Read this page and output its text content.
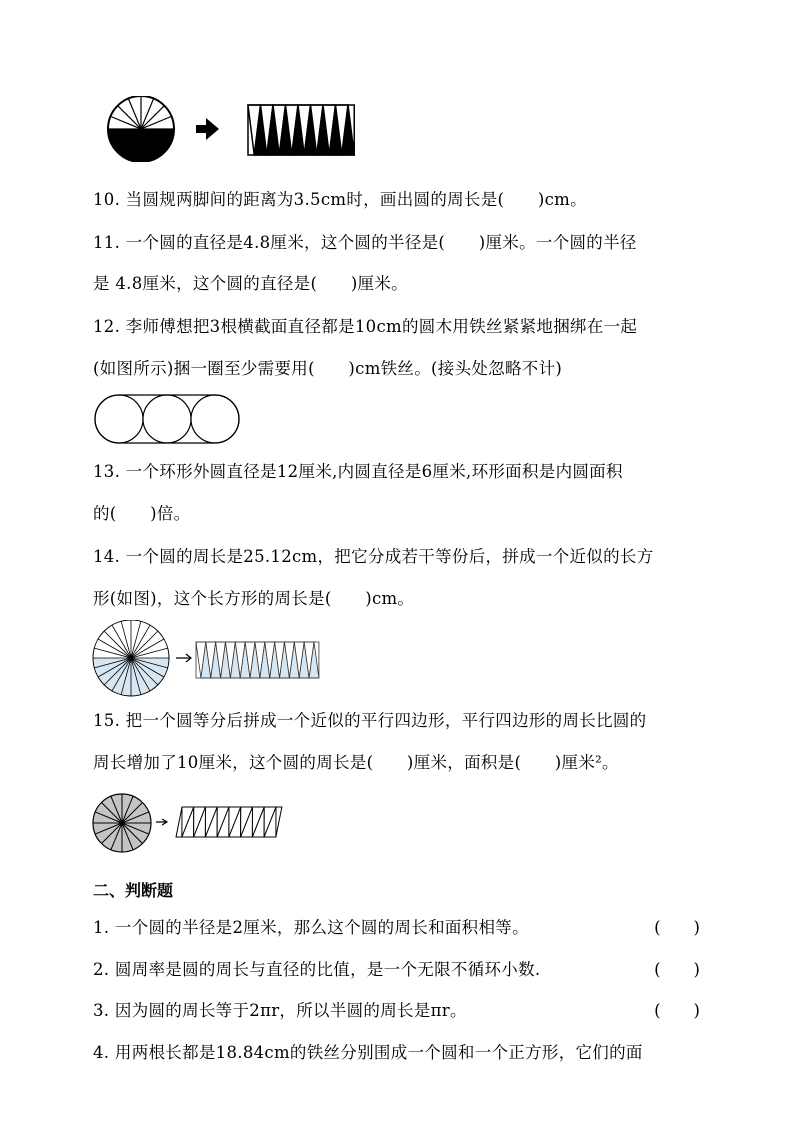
10. 当圆规两脚间的距离为3.5cm时，画出圆的周长是(　　)cm。
11. 一个圆的直径是4.8厘米，这个圆的半径是(　　)厘米。一个圆的半径
是 4.8厘米，这个圆的直径是(　　)厘米。
12. 李师傅想把3根横截面直径都是10cm的圆木用铁丝紧紧地捆绑在一起
(如图所示)捆一圈至少需要用(　　)cm铁丝。(接头处忽略不计)
13. 一个环形外圆直径是12厘米,内圆直径是6厘米,环形面积是内圆面积
的(　　)倍。
14. 一个圆的周长是25.12cm，把它分成若干等份后，拼成一个近似的长方
形(如图)，这个长方形的周长是(　　)cm。
15. 把一个圆等分后拼成一个近似的平行四边形，平行四边形的周长比圆的
周长增加了10厘米，这个圆的周长是(　　)厘米，面积是(　　)厘米²。
二、判断题
1. 一个圆的半径是2厘米，那么这个圆的周长和面积相等。	(　　)
2. 圆周率是圆的周长与直径的比值，是一个无限不循环小数.	(　　)
3. 因为圆的周长等于2πr，所以半圆的周长是πr。	(　　)
4. 用两根长都是18.84cm的铁丝分别围成一个圆和一个正方形，它们的面
